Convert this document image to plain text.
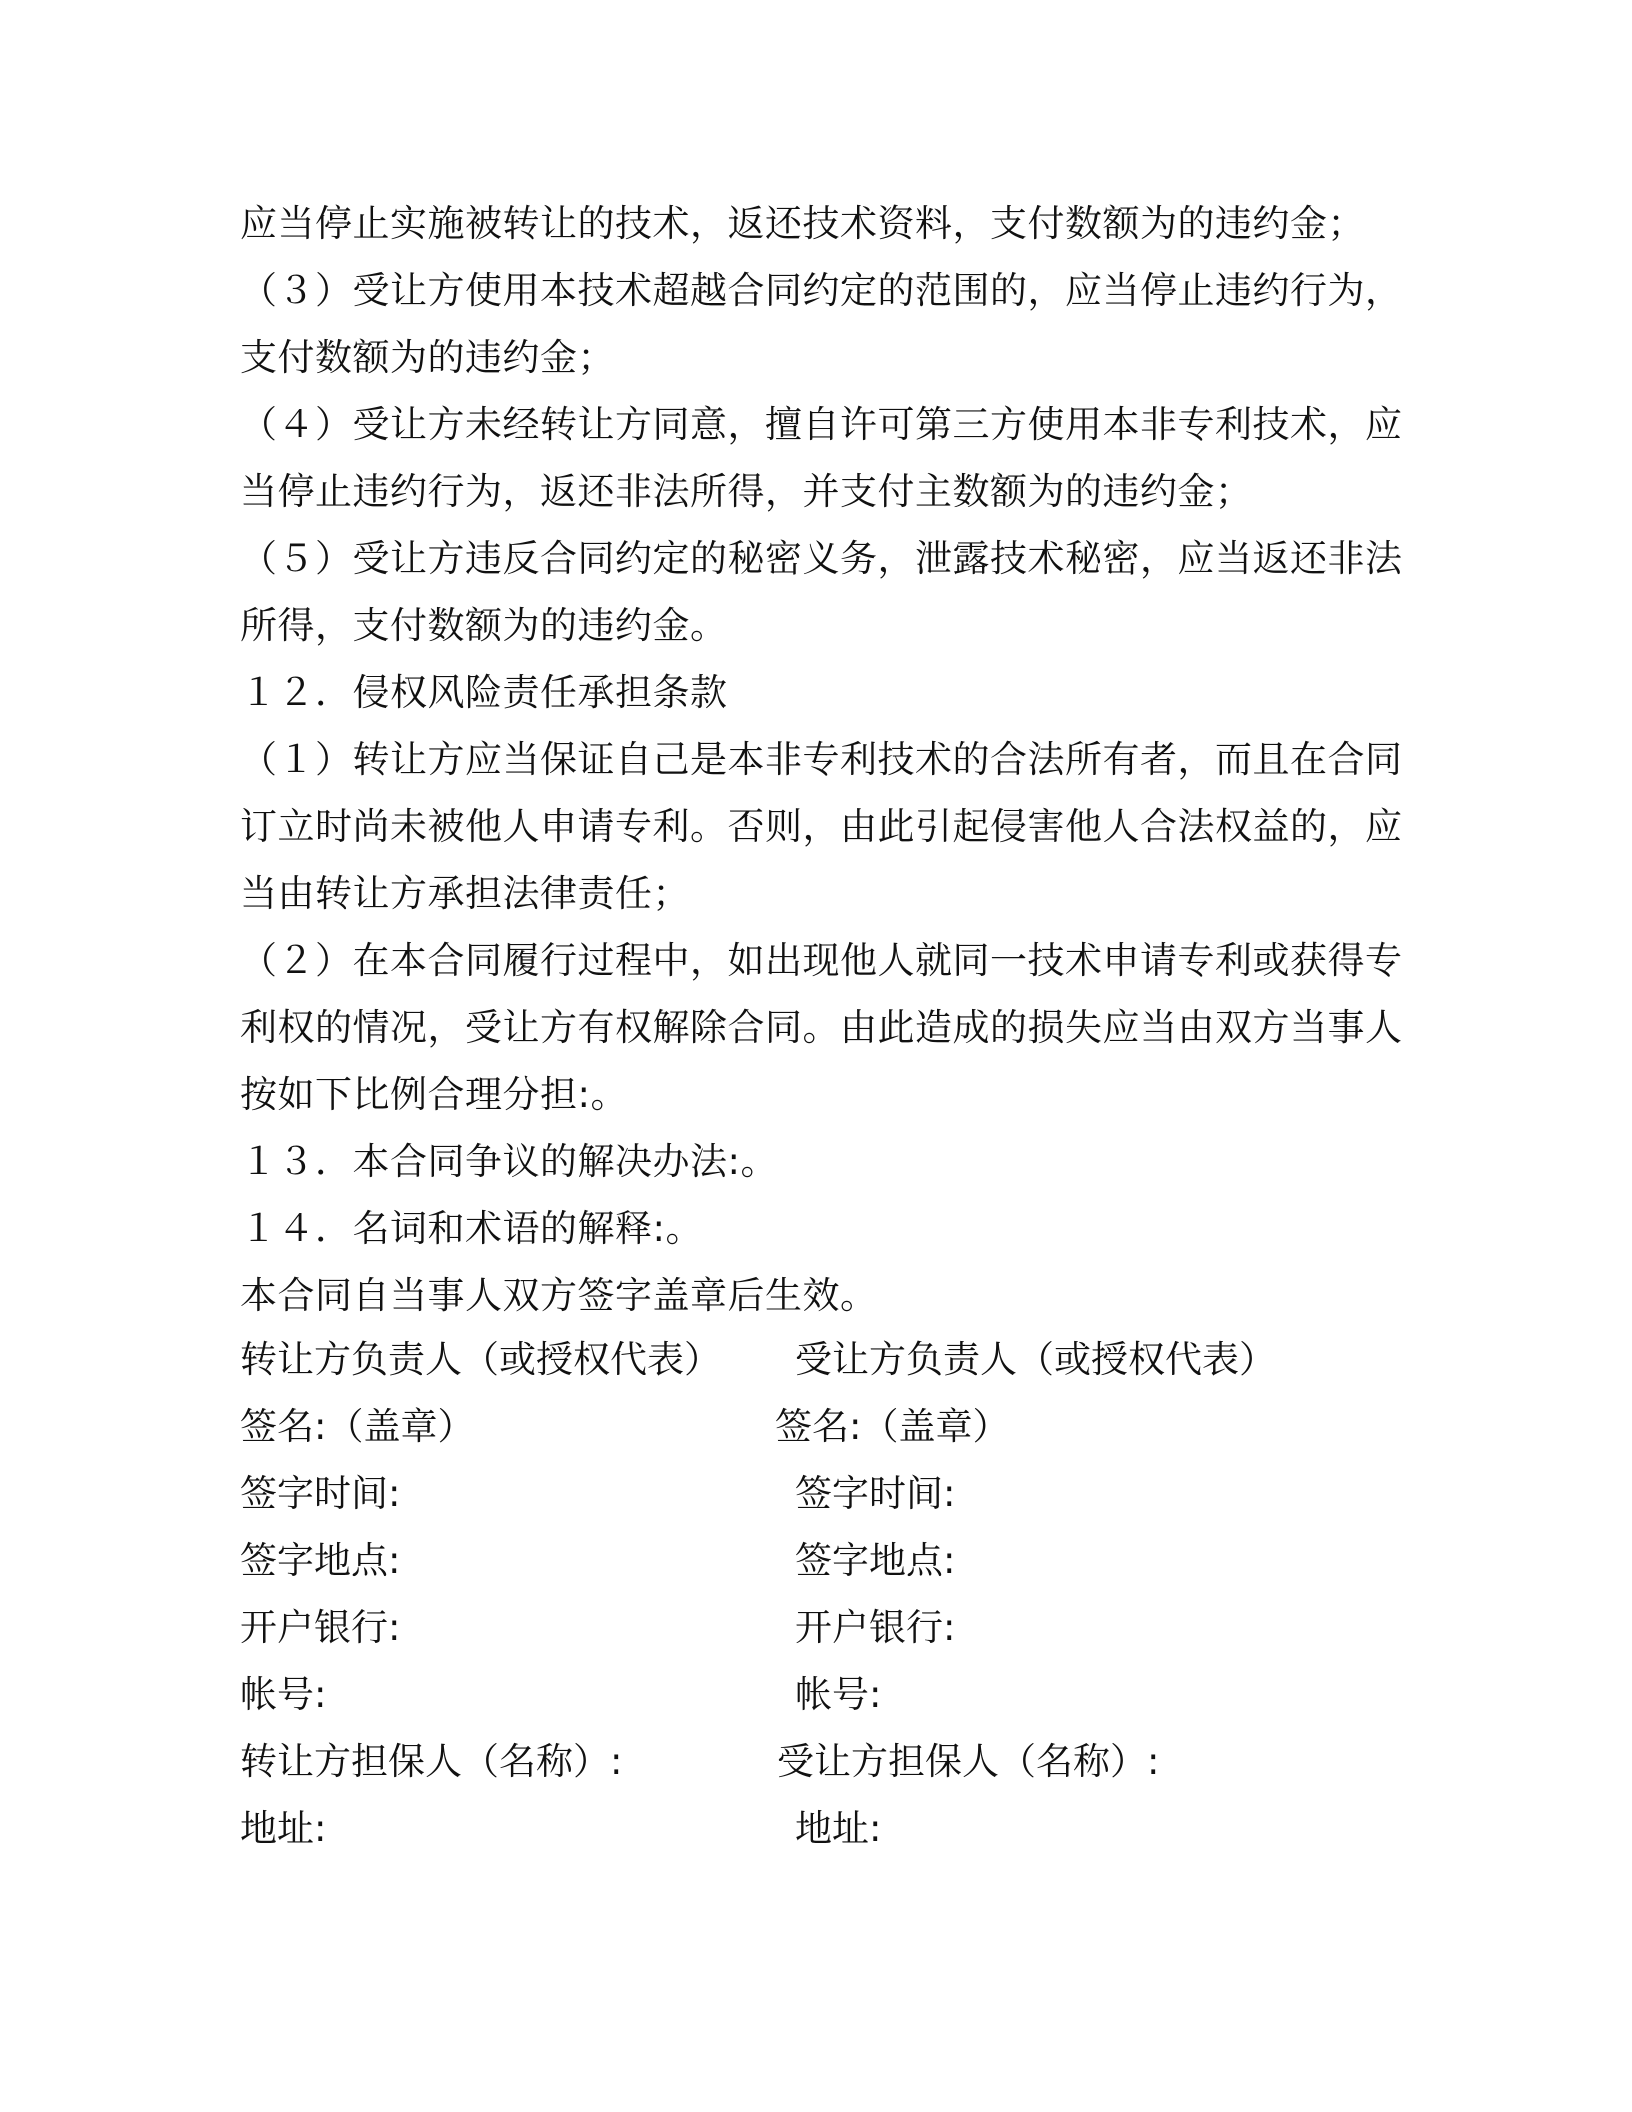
应当停止实施被转让的技术，返还技术资料，支付数额为的违约金；
（３）受让方使用本技术超越合同约定的范围的，应当停止违约行为，
支付数额为的违约金；
（４）受让方未经转让方同意，擅自许可第三方使用本非专利技术，应
当停止违约行为，返还非法所得，并支付主数额为的违约金；
（５）受让方违反合同约定的秘密义务，泄露技术秘密，应当返还非法
所得，支付数额为的违约金。
１２．侵权风险责任承担条款
（１）转让方应当保证自己是本非专利技术的合法所有者，而且在合同
订立时尚未被他人申请专利。否则，由此引起侵害他人合法权益的，应
当由转让方承担法律责任；
（２）在本合同履行过程中，如出现他人就同一技术申请专利或获得专
利权的情况，受让方有权解除合同。由此造成的损失应当由双方当事人
按如下比例合理分担:。
１３．本合同争议的解决办法:。
１４．名词和术语的解释:。
本合同自当事人双方签字盖章后生效。
转让方负责人（或授权代表） 受让方负责人（或授权代表）
签名:（盖章）	签名:（盖章）
签字时间:	签字时间:
签字地点:	签字地点:
开户银行:	开户银行:
帐号:	帐号:
转让方担保人（名称）:	受让方担保人（名称）:
地址:	地址:
